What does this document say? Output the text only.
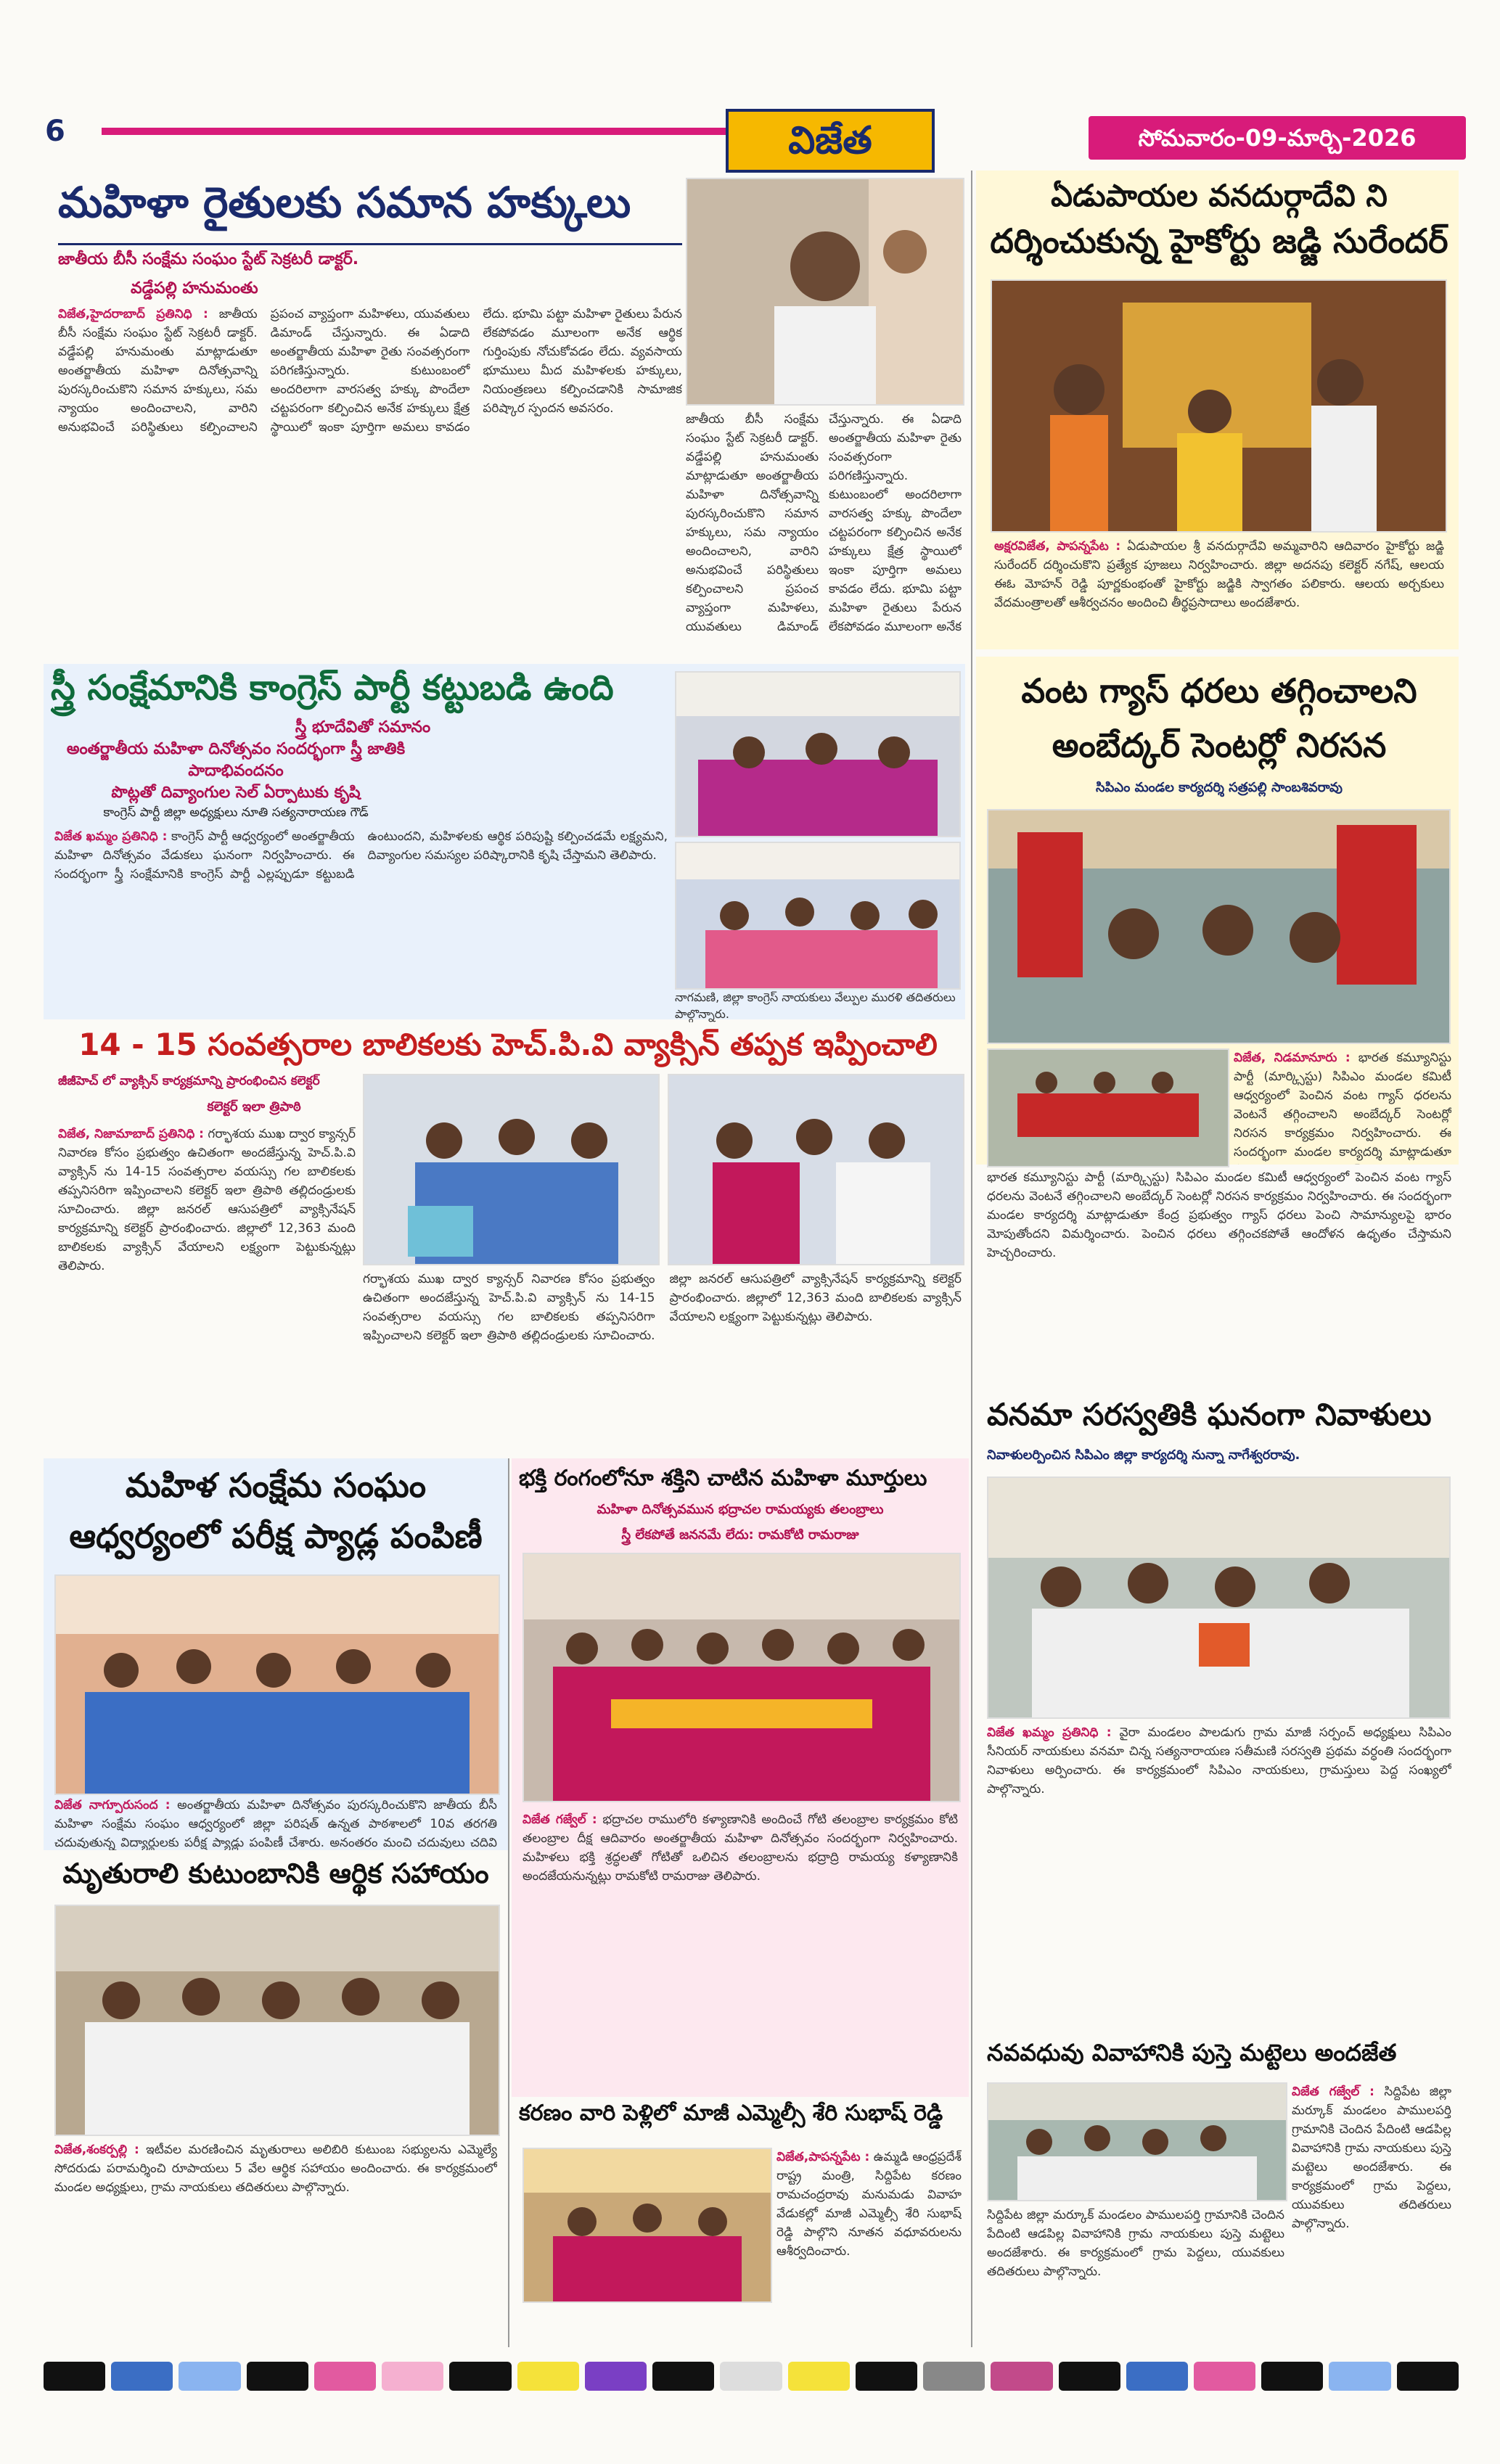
6	విజేత	సోమవారం-09-మార్చి-2026
మహిళా రైతులకు సమాన హక్కులు
జాతీయ బీసీ సంక్షేమ సంఘం స్టేట్ సెక్రటరీ డాక్టర్.
వడ్డేపల్లి హనుమంతు
విజేత,హైదరాబాద్ ప్రతినిధి : జాతీయ బీసీ సంక్షేమ సంఘం స్టేట్ సెక్రటరీ డాక్టర్. వడ్డేపల్లి హనుమంతు మాట్లాడుతూ అంతర్జాతీయ మహిళా దినోత్సవాన్ని పురస్కరించుకొని సమాన హక్కులు, సమ న్యాయం అందించాలని, వారిని అనుభవించే పరిస్థితులు కల్పించాలని ప్రపంచ వ్యాప్తంగా మహిళలు, యువతులు డిమాండ్ చేస్తున్నారు. ఈ ఏడాది అంతర్జాతీయ మహిళా రైతు సంవత్సరంగా పరిగణిస్తున్నారు. కుటుంబంలో అందరిలాగా వారసత్వ హక్కు పొందేలా చట్టపరంగా కల్పించిన అనేక హక్కులు క్షేత్ర స్థాయిలో ఇంకా పూర్తిగా అమలు కావడం లేదు. భూమి పట్టా మహిళా రైతులు పేరున లేకపోవడం మూలంగా అనేక ఆర్థిక గుర్తింపుకు నోచుకోవడం లేదు. వ్యవసాయ భూములు మీద మహిళలకు హక్కులు, నియంత్రణలు కల్పించడానికి సామాజిక పరిష్కార స్పందన అవసరం.
జాతీయ బీసీ సంక్షేమ సంఘం స్టేట్ సెక్రటరీ డాక్టర్. వడ్డేపల్లి హనుమంతు మాట్లాడుతూ అంతర్జాతీయ మహిళా దినోత్సవాన్ని పురస్కరించుకొని సమాన హక్కులు, సమ న్యాయం అందించాలని, వారిని అనుభవించే పరిస్థితులు కల్పించాలని ప్రపంచ వ్యాప్తంగా మహిళలు, యువతులు డిమాండ్ చేస్తున్నారు. ఈ ఏడాది అంతర్జాతీయ మహిళా రైతు సంవత్సరంగా పరిగణిస్తున్నారు. కుటుంబంలో అందరిలాగా వారసత్వ హక్కు పొందేలా చట్టపరంగా కల్పించిన అనేక హక్కులు క్షేత్ర స్థాయిలో ఇంకా పూర్తిగా అమలు కావడం లేదు. భూమి పట్టా మహిళా రైతులు పేరున లేకపోవడం మూలంగా అనేక
ఏడుపాయల వనదుర్గాదేవి ని
దర్శించుకున్న హైకోర్టు జడ్జి సురేందర్
అక్షరవిజేత, పాపన్నపేట : ఏడుపాయల శ్రీ వనదుర్గాదేవి అమ్మవారిని ఆదివారం హైకోర్టు జడ్జి సురేందర్ దర్శించుకొని ప్రత్యేక పూజలు నిర్వహించారు. జిల్లా అదనపు కలెక్టర్ నగేష్, ఆలయ ఈఓ మోహన్ రెడ్డి పూర్ణకుంభంతో హైకోర్టు జడ్జికి స్వాగతం పలికారు. ఆలయ అర్చకులు వేదమంత్రాలతో ఆశీర్వచనం అందించి తీర్థప్రసాదాలు అందజేశారు.
స్త్రీ సంక్షేమానికి కాంగ్రెస్ పార్టీ కట్టుబడి ఉంది
స్త్రీ భూదేవితో సమానం
అంతర్జాతీయ మహిళా దినోత్సవం సందర్భంగా స్త్రీ జాతికి పాదాభివందనం
పొట్లతో దివ్యాంగుల సెల్ ఏర్పాటుకు కృషి
కాంగ్రెస్ పార్టీ జిల్లా అధ్యక్షులు నూతి సత్యనారాయణ గౌడ్
విజేత ఖమ్మం ప్రతినిధి : కాంగ్రెస్ పార్టీ ఆధ్వర్యంలో అంతర్జాతీయ మహిళా దినోత్సవం వేడుకలు ఘనంగా నిర్వహించారు. ఈ సందర్భంగా స్త్రీ సంక్షేమానికి కాంగ్రెస్ పార్టీ ఎల్లప్పుడూ కట్టుబడి ఉంటుందని, మహిళలకు ఆర్థిక పరిపుష్టి కల్పించడమే లక్ష్యమని, దివ్యాంగుల సమస్యల పరిష్కారానికి కృషి చేస్తామని తెలిపారు.
నాగమణి, జిల్లా కాంగ్రెస్ నాయకులు వేల్పుల మురళి తదితరులు పాల్గొన్నారు.
వంట గ్యాస్ ధరలు తగ్గించాలని
అంబేద్కర్ సెంటర్లో నిరసన
సిపిఎం మండల కార్యదర్శి సత్రపల్లి సాంబశివరావు
విజేత, నిడమానూరు : భారత కమ్యూనిస్టు పార్టీ (మార్క్సిస్టు) సిపిఎం మండల కమిటీ ఆధ్వర్యంలో పెంచిన వంట గ్యాస్ ధరలను వెంటనే తగ్గించాలని అంబేద్కర్ సెంటర్లో నిరసన కార్యక్రమం నిర్వహించారు. ఈ సందర్భంగా మండల కార్యదర్శి మాట్లాడుతూ
భారత కమ్యూనిస్టు పార్టీ (మార్క్సిస్టు) సిపిఎం మండల కమిటీ ఆధ్వర్యంలో పెంచిన వంట గ్యాస్ ధరలను వెంటనే తగ్గించాలని అంబేద్కర్ సెంటర్లో నిరసన కార్యక్రమం నిర్వహించారు. ఈ సందర్భంగా మండల కార్యదర్శి మాట్లాడుతూ కేంద్ర ప్రభుత్వం గ్యాస్ ధరలు పెంచి సామాన్యులపై భారం మోపుతోందని విమర్శించారు. పెంచిన ధరలు తగ్గించకపోతే ఆందోళన ఉధృతం చేస్తామని హెచ్చరించారు.
14 - 15 సంవత్సరాల బాలికలకు హెచ్.పి.వి వ్యాక్సిన్ తప్పక ఇప్పించాలి
జీజీహెచ్ లో వ్యాక్సిన్ కార్యక్రమాన్ని ప్రారంభించిన కలెక్టర్
కలెక్టర్ ఇలా త్రిపాఠి
విజేత, నిజామాబాద్ ప్రతినిధి : గర్భాశయ ముఖ ద్వార క్యాన్సర్ నివారణ కోసం ప్రభుత్వం ఉచితంగా అందజేస్తున్న హెచ్.పి.వి వ్యాక్సిన్ ను 14-15 సంవత్సరాల వయస్సు గల బాలికలకు తప్పనిసరిగా ఇప్పించాలని కలెక్టర్ ఇలా త్రిపాఠి తల్లిదండ్రులకు సూచించారు. జిల్లా జనరల్ ఆసుపత్రిలో వ్యాక్సినేషన్ కార్యక్రమాన్ని కలెక్టర్ ప్రారంభించారు. జిల్లాలో 12,363 మంది బాలికలకు వ్యాక్సిన్ వేయాలని లక్ష్యంగా పెట్టుకున్నట్లు తెలిపారు.
గర్భాశయ ముఖ ద్వార క్యాన్సర్ నివారణ కోసం ప్రభుత్వం ఉచితంగా అందజేస్తున్న హెచ్.పి.వి వ్యాక్సిన్ ను 14-15 సంవత్సరాల వయస్సు గల బాలికలకు తప్పనిసరిగా ఇప్పించాలని కలెక్టర్ ఇలా త్రిపాఠి తల్లిదండ్రులకు సూచించారు. జిల్లా జనరల్ ఆసుపత్రిలో వ్యాక్సినేషన్ కార్యక్రమాన్ని కలెక్టర్ ప్రారంభించారు. జిల్లాలో 12,363 మంది బాలికలకు వ్యాక్సిన్ వేయాలని లక్ష్యంగా పెట్టుకున్నట్లు తెలిపారు.
వనమా సరస్వతికి ఘనంగా నివాళులు
నివాళులర్పించిన సిపిఎం జిల్లా కార్యదర్శి నున్నా నాగేశ్వరరావు.
విజేత ఖమ్మం ప్రతినిధి : వైరా మండలం పాలడుగు గ్రామ మాజీ సర్పంచ్ అధ్యక్షులు సిపిఎం సీనియర్ నాయకులు వనమా చిన్న సత్యనారాయణ సతీమణి సరస్వతి ప్రథమ వర్ధంతి సందర్భంగా నివాళులు అర్పించారు. ఈ కార్యక్రమంలో సిపిఎం నాయకులు, గ్రామస్తులు పెద్ద సంఖ్యలో పాల్గొన్నారు.
మహిళ సంక్షేమ సంఘం
ఆధ్వర్యంలో పరీక్ష ప్యాడ్ల పంపిణీ
విజేత నాగ్పూరుసంద : అంతర్జాతీయ మహిళా దినోత్సవం పురస్కరించుకొని జాతీయ బీసీ మహిళా సంక్షేమ సంఘం ఆధ్వర్యంలో జిల్లా పరిషత్ ఉన్నత పాఠశాలలో 10వ తరగతి చదువుతున్న విద్యార్థులకు పరీక్ష ప్యాడ్లు పంపిణీ చేశారు. అనంతరం మంచి చదువులు చదివి
భక్తి రంగంలోనూ శక్తిని చాటిన మహిళా మూర్తులు
మహిళా దినోత్సవమున భద్రాచల రామయ్యకు తలంబ్రాలు
స్త్రీ లేకపోతే జననమే లేదు: రామకోటి రామరాజు
విజేత గజ్వేల్ : భద్రాచల రాములోరి కళ్యాణానికి అందించే గోటి తలంబ్రాల కార్యక్రమం కోటి తలంబ్రాల దీక్ష ఆదివారం అంతర్జాతీయ మహిళా దినోత్సవం సందర్భంగా నిర్వహించారు. మహిళలు భక్తి శ్రద్ధలతో గోటితో ఒలిచిన తలంబ్రాలను భద్రాద్రి రామయ్య కళ్యాణానికి అందజేయనున్నట్లు రామకోటి రామరాజు తెలిపారు.
మృతురాలి కుటుంబానికి ఆర్థిక సహాయం
విజేత,శంకర్పల్లి : ఇటీవల మరణించిన మృతురాలు అలిబిరి కుటుంబ సభ్యులను ఎమ్మెల్యే సోదరుడు పరామర్శించి రూపాయలు 5 వేల ఆర్థిక సహాయం అందించారు. ఈ కార్యక్రమంలో మండల అధ్యక్షులు, గ్రామ నాయకులు తదితరులు పాల్గొన్నారు.
కరణం వారి పెళ్లిలో మాజీ ఎమ్మెల్సీ శేరి సుభాష్ రెడ్డి
విజేత,పాపన్నపేట : ఉమ్మడి ఆంధ్రప్రదేశ్ రాష్ట్ర మంత్రి, సిద్దిపేట కరణం రామచంద్రరావు మనుమడు వివాహ వేడుకల్లో మాజీ ఎమ్మెల్సీ శేరి సుభాష్ రెడ్డి పాల్గొని నూతన వధూవరులను ఆశీర్వదించారు.
నవవధువు వివాహానికి పుస్తె మట్టెలు అందజేత
విజేత గజ్వేల్ : సిద్దిపేట జిల్లా మర్కూక్ మండలం పాములపర్తి గ్రామానికి చెందిన పేదింటి ఆడపిల్ల వివాహానికి గ్రామ నాయకులు పుస్తె మట్టెలు అందజేశారు. ఈ కార్యక్రమంలో గ్రామ పెద్దలు, యువకులు తదితరులు పాల్గొన్నారు.
సిద్దిపేట జిల్లా మర్కూక్ మండలం పాములపర్తి గ్రామానికి చెందిన పేదింటి ఆడపిల్ల వివాహానికి గ్రామ నాయకులు పుస్తె మట్టెలు అందజేశారు. ఈ కార్యక్రమంలో గ్రామ పెద్దలు, యువకులు తదితరులు పాల్గొన్నారు.
